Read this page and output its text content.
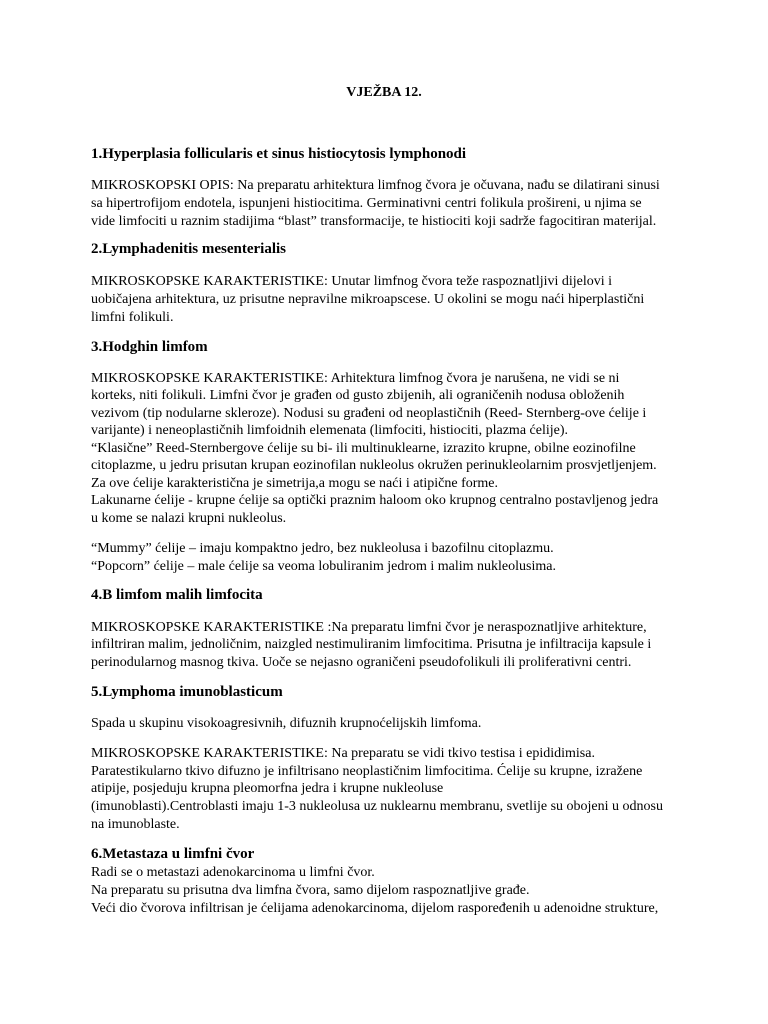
VJEŽBA 12.
1.Hyperplasia follicularis et sinus histiocytosis lymphonodi
MIKROSKOPSKI OPIS: Na preparatu arhitektura limfnog čvora je očuvana, nađu se dilatirani sinusi
sa hipertrofijom endotela, ispunjeni histiocitima. Germinativni centri folikula prošireni, u njima se
vide limfociti u raznim stadijima “blast” transformacije, te histiociti koji sadrže fagocitiran materijal.
2.Lymphadenitis mesenterialis
MIKROSKOPSKE KARAKTERISTIKE: Unutar limfnog čvora teže raspoznatljivi dijelovi i
uobičajena arhitektura, uz prisutne nepravilne mikroapscese. U okolini se mogu naći hiperplastični
limfni folikuli.
3.Hodghin limfom
MIKROSKOPSKE KARAKTERISTIKE: Arhitektura limfnog čvora je narušena, ne vidi se ni
korteks, niti folikuli. Limfni čvor je građen od gusto zbijenih, ali ograničenih nodusa obloženih
vezivom (tip nodularne skleroze). Nodusi su građeni od neoplastičnih (Reed- Sternberg-ove ćelije i
varijante) i neneoplastičnih limfoidnih elemenata (limfociti, histiociti, plazma ćelije).
“Klasične” Reed-Sternbergove ćelije su bi- ili multinuklearne, izrazito krupne, obilne eozinofilne
citoplazme, u jedru prisutan krupan eozinofilan nukleolus okružen perinukleolarnim prosvjetljenjem.
Za ove ćelije karakteristična je simetrija,a mogu se naći i atipične forme.
Lakunarne ćelije - krupne ćelije sa optički praznim haloom oko krupnog centralno postavljenog jedra
u kome se nalazi krupni nukleolus.
“Mummy” ćelije – imaju kompaktno jedro, bez nukleolusa i bazofilnu citoplazmu.
“Popcorn” ćelije – male ćelije sa veoma lobuliranim jedrom i malim nukleolusima.
4.B limfom malih limfocita
MIKROSKOPSKE KARAKTERISTIKE :Na preparatu limfni čvor je neraspoznatljive arhitekture,
infiltriran malim, jednoličnim, naizgled nestimuliranim limfocitima. Prisutna je infiltracija kapsule i
perinodularnog masnog tkiva. Uoče se nejasno ograničeni pseudofolikuli ili proliferativni centri.
5.Lymphoma imunoblasticum
Spada u skupinu visokoagresivnih, difuznih krupnoćelijskih limfoma.
MIKROSKOPSKE KARAKTERISTIKE: Na preparatu se vidi tkivo testisa i epididimisa.
Paratestikularno tkivo difuzno je infiltrisano neoplastičnim limfocitima. Ćelije su krupne, izražene
atipije, posjeduju krupna pleomorfna jedra i krupne nukleoluse
(imunoblasti).Centroblasti imaju 1-3 nukleolusa uz nuklearnu membranu, svetlije su obojeni u odnosu
na imunoblaste.
6.Metastaza u limfni čvor
Radi se o metastazi adenokarcinoma u limfni čvor.
Na preparatu su prisutna dva limfna čvora, samo dijelom raspoznatljive građe.
Veći dio čvorova infiltrisan je ćelijama adenokarcinoma, dijelom raspoređenih u adenoidne strukture,
